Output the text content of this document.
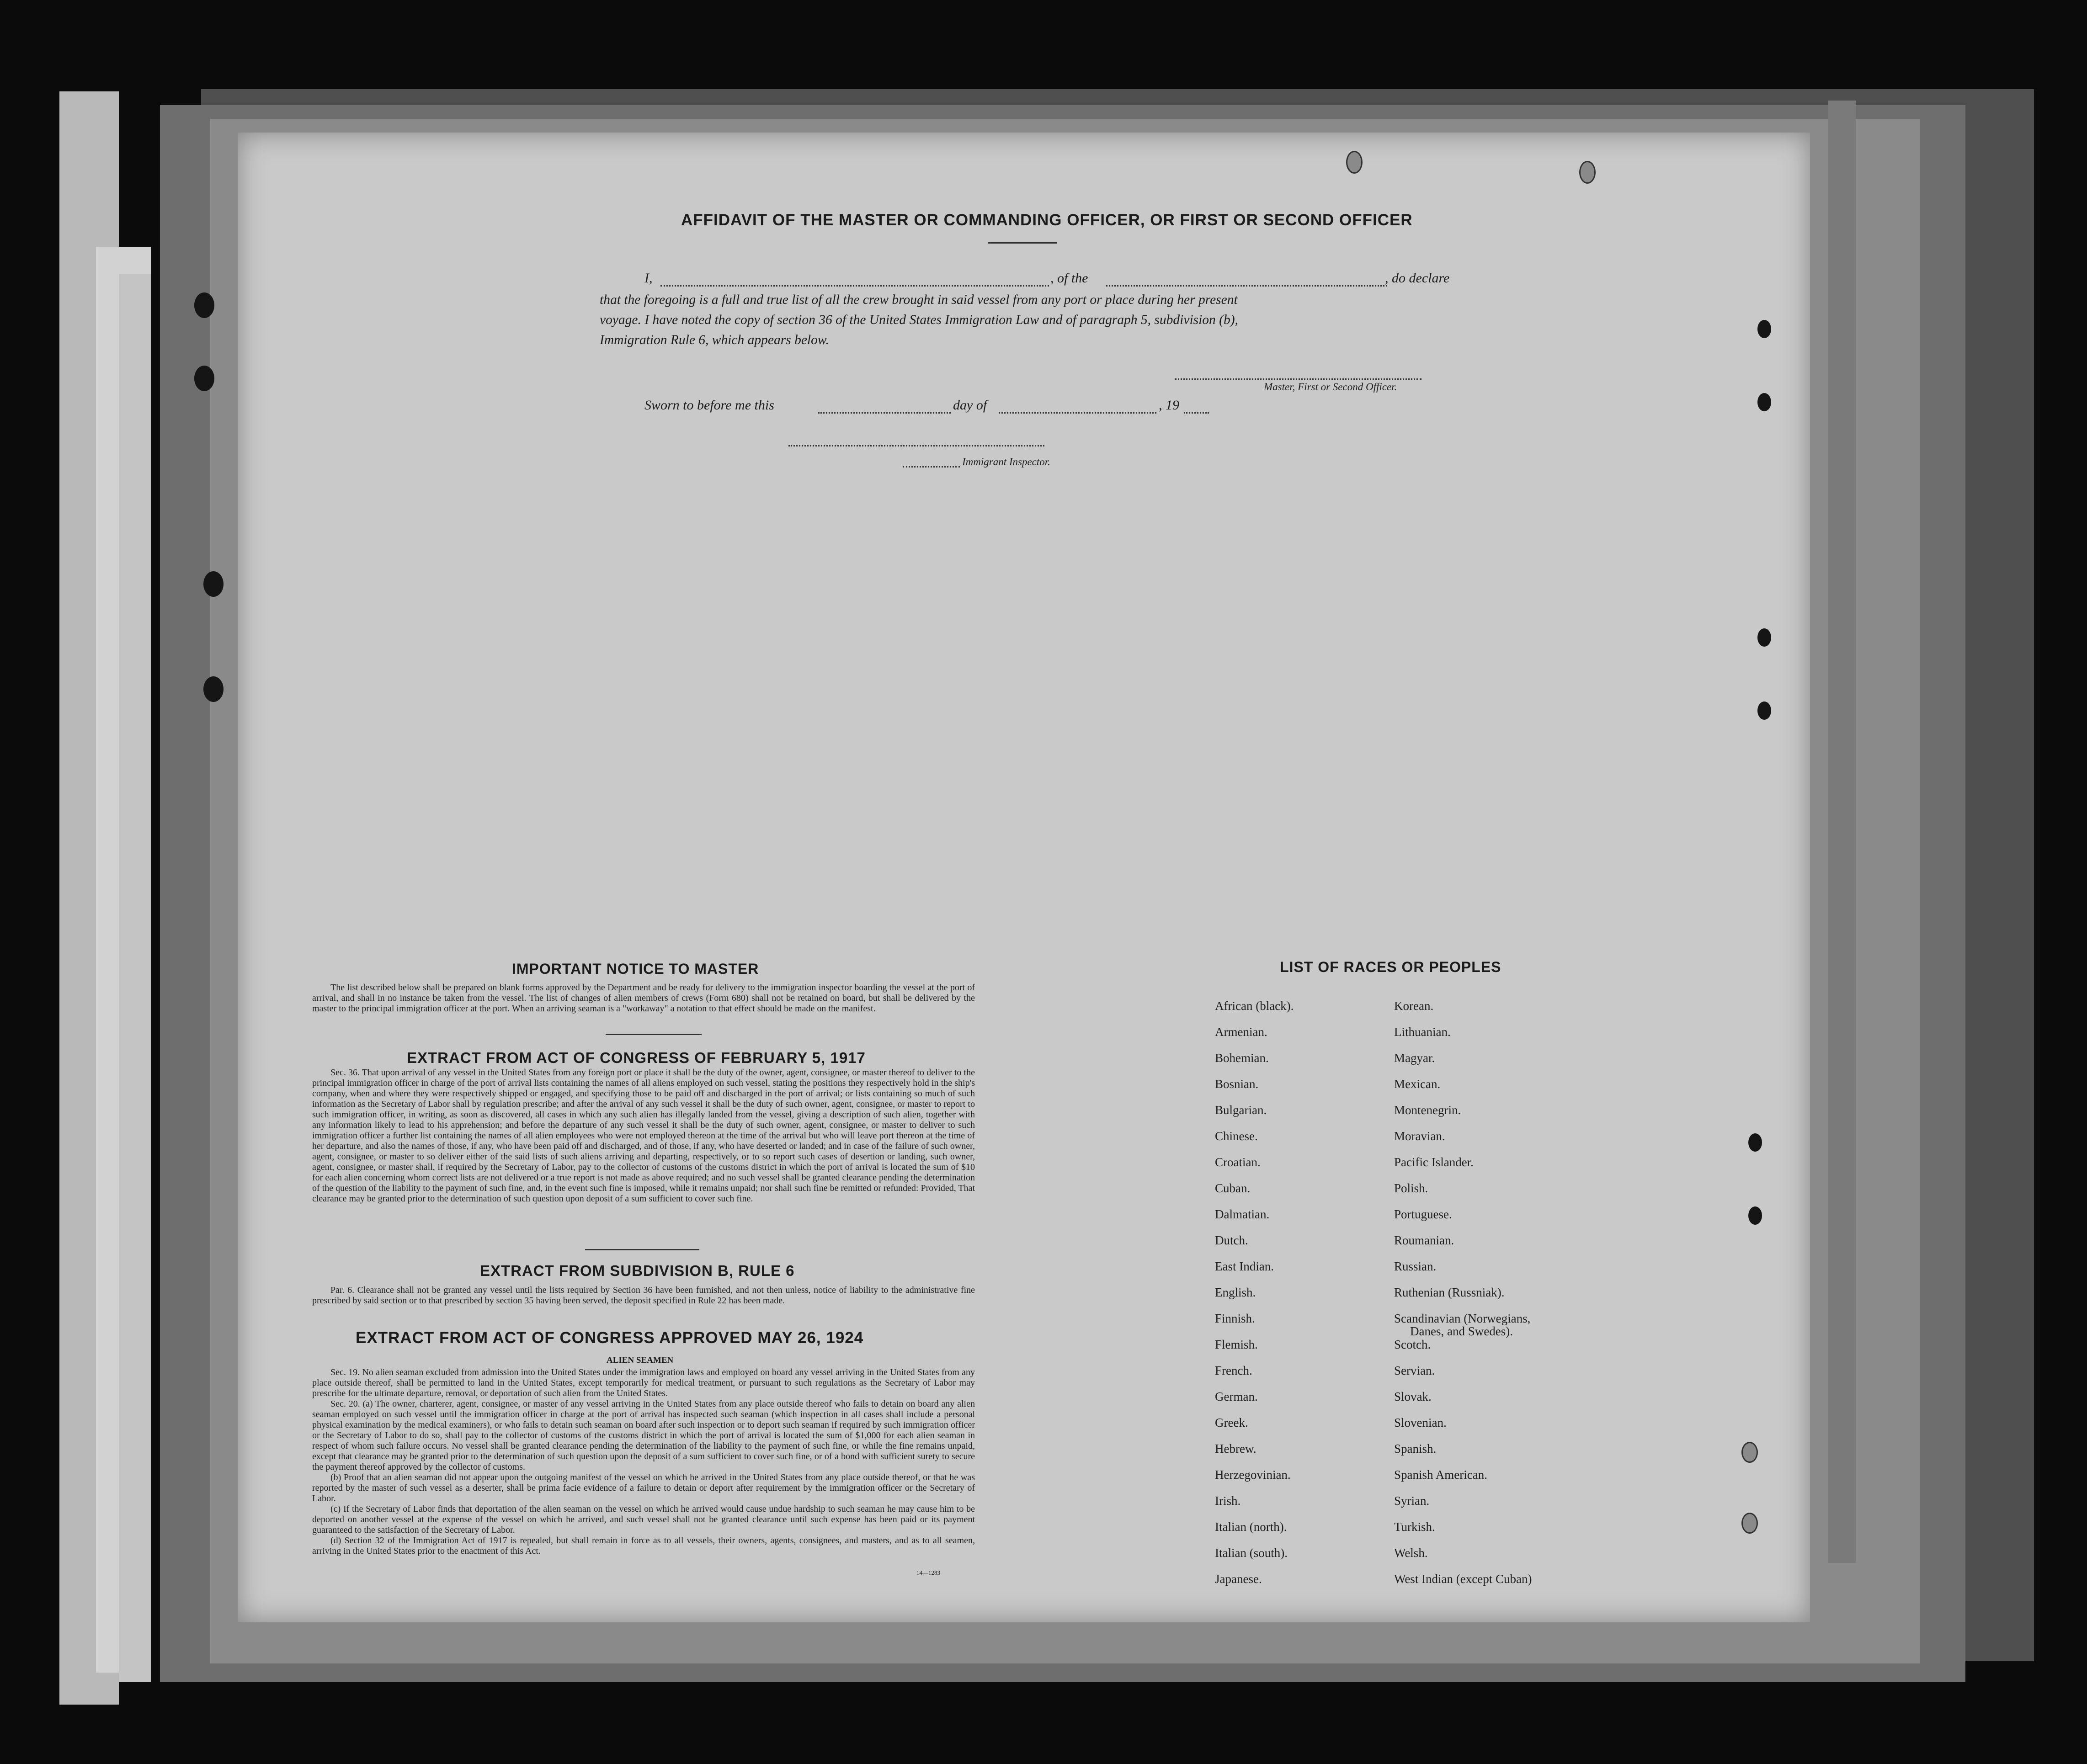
AFFIDAVIT OF THE MASTER OR COMMANDING OFFICER, OR FIRST OR SECOND OFFICER
I,	, of the	, do declare
that the foregoing is a full and true list of all the crew brought in said vessel from any port or place during her present
voyage. I have noted the copy of section 36 of the United States Immigration Law and of paragraph 5, subdivision (b),
Immigration Rule 6, which appears below.
Master, First or Second Officer.
Sworn to before me this	day of	, 19
Immigrant Inspector.
IMPORTANT NOTICE TO MASTER

The list described below shall be prepared on blank forms approved by the Department and be ready for delivery to the immigration inspector boarding the vessel at the port of arrival, and shall in no instance be taken from the vessel. The list of changes of alien members of crews (Form 680) shall not be retained on board, but shall be delivered by the master to the principal immigration officer at the port. When an arriving seaman is a "workaway" a notation to that effect should be made on the manifest.

EXTRACT FROM ACT OF CONGRESS OF FEBRUARY 5, 1917

Sec. 36. That upon arrival of any vessel in the United States from any foreign port or place it shall be the duty of the owner, agent, consignee, or master thereof to deliver to the principal immigration officer in charge of the port of arrival lists containing the names of all aliens employed on such vessel, stating the positions they respectively hold in the ship's company, when and where they were respectively shipped or engaged, and specifying those to be paid off and discharged in the port of arrival; or lists containing so much of such information as the Secretary of Labor shall by regulation prescribe; and after the arrival of any such vessel it shall be the duty of such owner, agent, consignee, or master to report to such immigration officer, in writing, as soon as discovered, all cases in which any such alien has illegally landed from the vessel, giving a description of such alien, together with any information likely to lead to his apprehension; and before the departure of any such vessel it shall be the duty of such owner, agent, consignee, or master to deliver to such immigration officer a further list containing the names of all alien employees who were not employed thereon at the time of the arrival but who will leave port thereon at the time of her departure, and also the names of those, if any, who have been paid off and discharged, and of those, if any, who have deserted or landed; and in case of the failure of such owner, agent, consignee, or master to so deliver either of the said lists of such aliens arriving and departing, respectively, or to so report such cases of desertion or landing, such owner, agent, consignee, or master shall, if required by the Secretary of Labor, pay to the collector of customs of the customs district in which the port of arrival is located the sum of $10 for each alien concerning whom correct lists are not delivered or a true report is not made as above required; and no such vessel shall be granted clearance pending the determination of the question of the liability to the payment of such fine, and, in the event such fine is imposed, while it remains unpaid; nor shall such fine be remitted or refunded: Provided, That clearance may be granted prior to the determination of such question upon deposit of a sum sufficient to cover such fine.

EXTRACT FROM SUBDIVISION B, RULE 6

Par. 6. Clearance shall not be granted any vessel until the lists required by Section 36 have been furnished, and not then unless, notice of liability to the administrative fine prescribed by said section or to that prescribed by section 35 having been served, the deposit specified in Rule 22 has been made.

EXTRACT FROM ACT OF CONGRESS APPROVED MAY 26, 1924
ALIEN SEAMEN

Sec. 19. No alien seaman excluded from admission into the United States under the immigration laws and employed on board any vessel arriving in the United States from any place outside thereof, shall be permitted to land in the United States, except temporarily for medical treatment, or pursuant to such regulations as the Secretary of Labor may prescribe for the ultimate departure, removal, or deportation of such alien from the United States.

Sec. 20. (a) The owner, charterer, agent, consignee, or master of any vessel arriving in the United States from any place outside thereof who fails to detain on board any alien seaman employed on such vessel until the immigration officer in charge at the port of arrival has inspected such seaman (which inspection in all cases shall include a personal physical examination by the medical examiners), or who fails to detain such seaman on board after such inspection or to deport such seaman if required by such immigration officer or the Secretary of Labor to do so, shall pay to the collector of customs of the customs district in which the port of arrival is located the sum of $1,000 for each alien seaman in respect of whom such failure occurs. No vessel shall be granted clearance pending the determination of the liability to the payment of such fine, or while the fine remains unpaid, except that clearance may be granted prior to the determination of such question upon the deposit of a sum sufficient to cover such fine, or of a bond with sufficient surety to secure the payment thereof approved by the collector of customs.

(b) Proof that an alien seaman did not appear upon the outgoing manifest of the vessel on which he arrived in the United States from any place outside thereof, or that he was reported by the master of such vessel as a deserter, shall be prima facie evidence of a failure to detain or deport after requirement by the immigration officer or the Secretary of Labor.

(c) If the Secretary of Labor finds that deportation of the alien seaman on the vessel on which he arrived would cause undue hardship to such seaman he may cause him to be deported on another vessel at the expense of the vessel on which he arrived, and such vessel shall not be granted clearance until such expense has been paid or its payment guaranteed to the satisfaction of the Secretary of Labor.

(d) Section 32 of the Immigration Act of 1917 is repealed, but shall remain in force as to all vessels, their owners, agents, consignees, and masters, and as to all seamen, arriving in the United States prior to the enactment of this Act.

14—1283
LIST OF RACES OR PEOPLES
African (black).
Armenian.
Bohemian.
Bosnian.
Bulgarian.
Chinese.
Croatian.
Cuban.
Dalmatian.
Dutch.
East Indian.
English.
Finnish.
Flemish.
French.
German.
Greek.
Hebrew.
Herzegovinian.
Irish.
Italian (north).
Italian (south).
Japanese.
Korean.
Lithuanian.
Magyar.
Mexican.
Montenegrin.
Moravian.
Pacific Islander.
Polish.
Portuguese.
Roumanian.
Russian.
Ruthenian (Russniak).
Scandinavian (Norwegians,
Danes, and Swedes).
Scotch.
Servian.
Slovak.
Slovenian.
Spanish.
Spanish American.
Syrian.
Turkish.
Welsh.
West Indian (except Cuban)
